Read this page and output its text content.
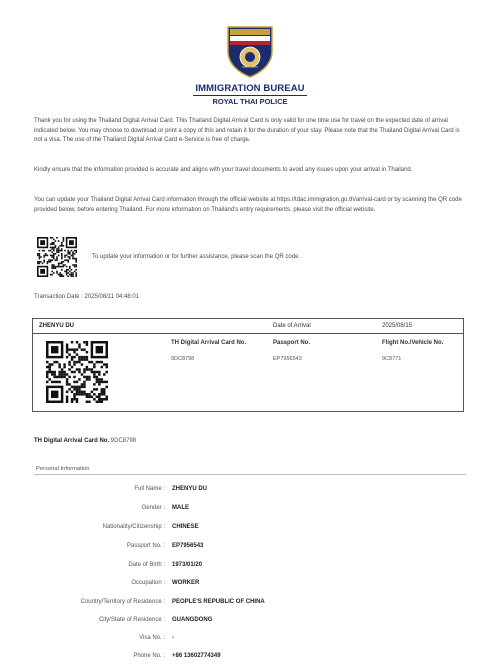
IMMIGRATION BUREAU
ROYAL THAI POLICE
Thank you for using the Thailand Digital Arrival Card. This Thailand Digital Arrival Card is only valid for one time use for travel on the expected date of arrival indicated below. You may choose to download or print a copy of this and retain it for the duration of your stay. Please note that the Thailand Digital Arrival Card is not a visa. The use of the Thailand Digital Arrival Card e-Service is free of charge.
Kindly ensure that the information provided is accurate and aligns with your travel documents to avoid any issues upon your arrival in Thailand.
You can update your Thailand Digital Arrival Card information through the official website at https://tdac.immigration.go.th/arrival-card or by scanning the QR code provided below, before entering Thailand. For more information on Thailand's entry requirements, please visit the official website.
To update your information or for further assistance, please scan the QR code.
Transaction Date : 2025/08/11 04:48:01
ZHENYU DU	Date of Arrival	2025/08/15
TH Digital Arrival Card No.
9DC8798
Passport No.
EP7956543
Flight No./Vehicle No.
9C8771
TH Digital Arrival Card No. 9DC8798
Personal Information
Full Name : ZHENYU DU
Gender : MALE
Nationality/Citizenship : CHINESE
Passport No. : EP7956543
Date of Birth : 1973/01/20
Occupation : WORKER
Country/Territory of Residence : PEOPLE'S REPUBLIC OF CHINA
City/State of Residence : GUANGDONG
Visa No. : -
Phone No. : +86 13602774349
